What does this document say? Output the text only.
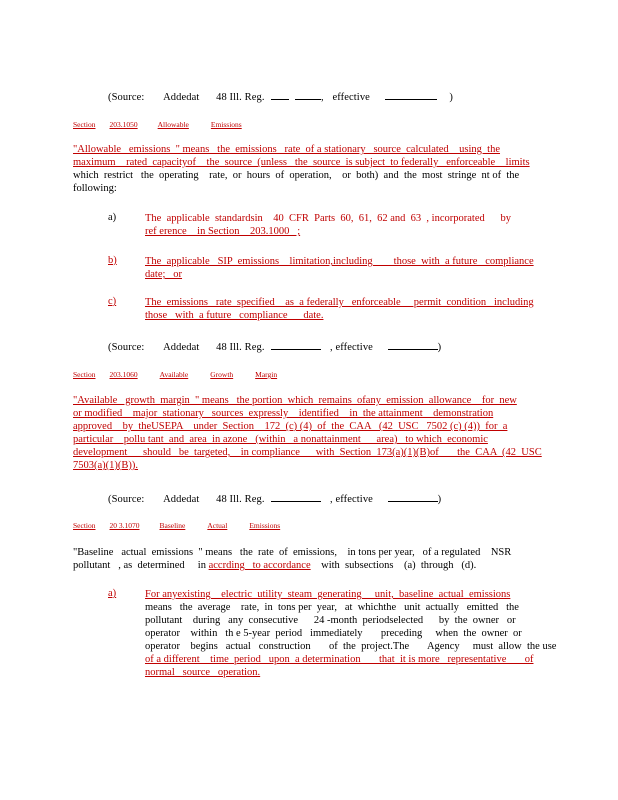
(Source: Addedat 48 Ill. Reg.	, effective	)
Section 203.1050	Allowable	Emissions
"Allowable   emissions  " means   the  emissions   rate  of a stationary   source  calculated    using  the
maximum    rated  capacityof    the  source  (unless   the  source  is subject  to federally   enforceable    limits
which  restrict   the  operating    rate,  or  hours  of  operation,    or  both)  and  the  most  stringe  nt of  the
following:
a)	The  applicable  standardsin    40  CFR  Parts  60,  61,  62 and  63  , incorporated      by
ref erence    in Section    203.1000   ;
b)	The  applicable   SIP  emissions    limitation,including        those  with  a future   compliance
date;   or
c)	The  emissions   rate  specified    as  a federally   enforceable     permit  condition   including
those   with  a future   compliance      date.
(Source: Addedat 48 Ill. Reg.	, effective	)
Section 203.1060	Available	Growth	Margin
"Available   growth  margin  " means   the portion  which  remains  ofany  emission  allowance    for  new
or modified    major  stationary   sources  expressly    identified    in  the attainment    demonstration
approved    by  theUSEPA    under  Section    172  (c) (4)  of  the  CAA   (42  USC   7502 (c) (4))  for  a
particular    pollu tant  and  area  in azone   (within   a nonattainment      area)   to which  economic
development      should   be  targeted,    in compliance      with  Section  173(a)(1)(B)of       the  CAA  (42  USC
7503(a)(1)(B)).
(Source: Addedat 48 Ill. Reg.	, effective	)
Section 20 3.1070	Baseline	Actual	Emissions
"Baseline   actual  emissions  " means   the  rate  of  emissions,    in tons per year,   of a regulated    NSR
pollutant   , as  determined     in accrding   to accordance    with  subsections    (a)  through   (d).
a)	For anyexisting    electric  utility  steam  generating     unit,  baseline  actual  emissions
means   the  average    rate,  in  tons per  year,   at  whichthe   unit  actually   emitted   the
pollutant    during   any  consecutive      24 -month  periodselected      by  the  owner   or
operator    within   th e 5-year  period   immediately       preceding     when  the  owner  or
operator    begins   actual   construction       of  the  project.The       Agency     must  allow  the use
of a different    time  period   upon  a determination       that  it is more   representative       of
normal   source   operation.
